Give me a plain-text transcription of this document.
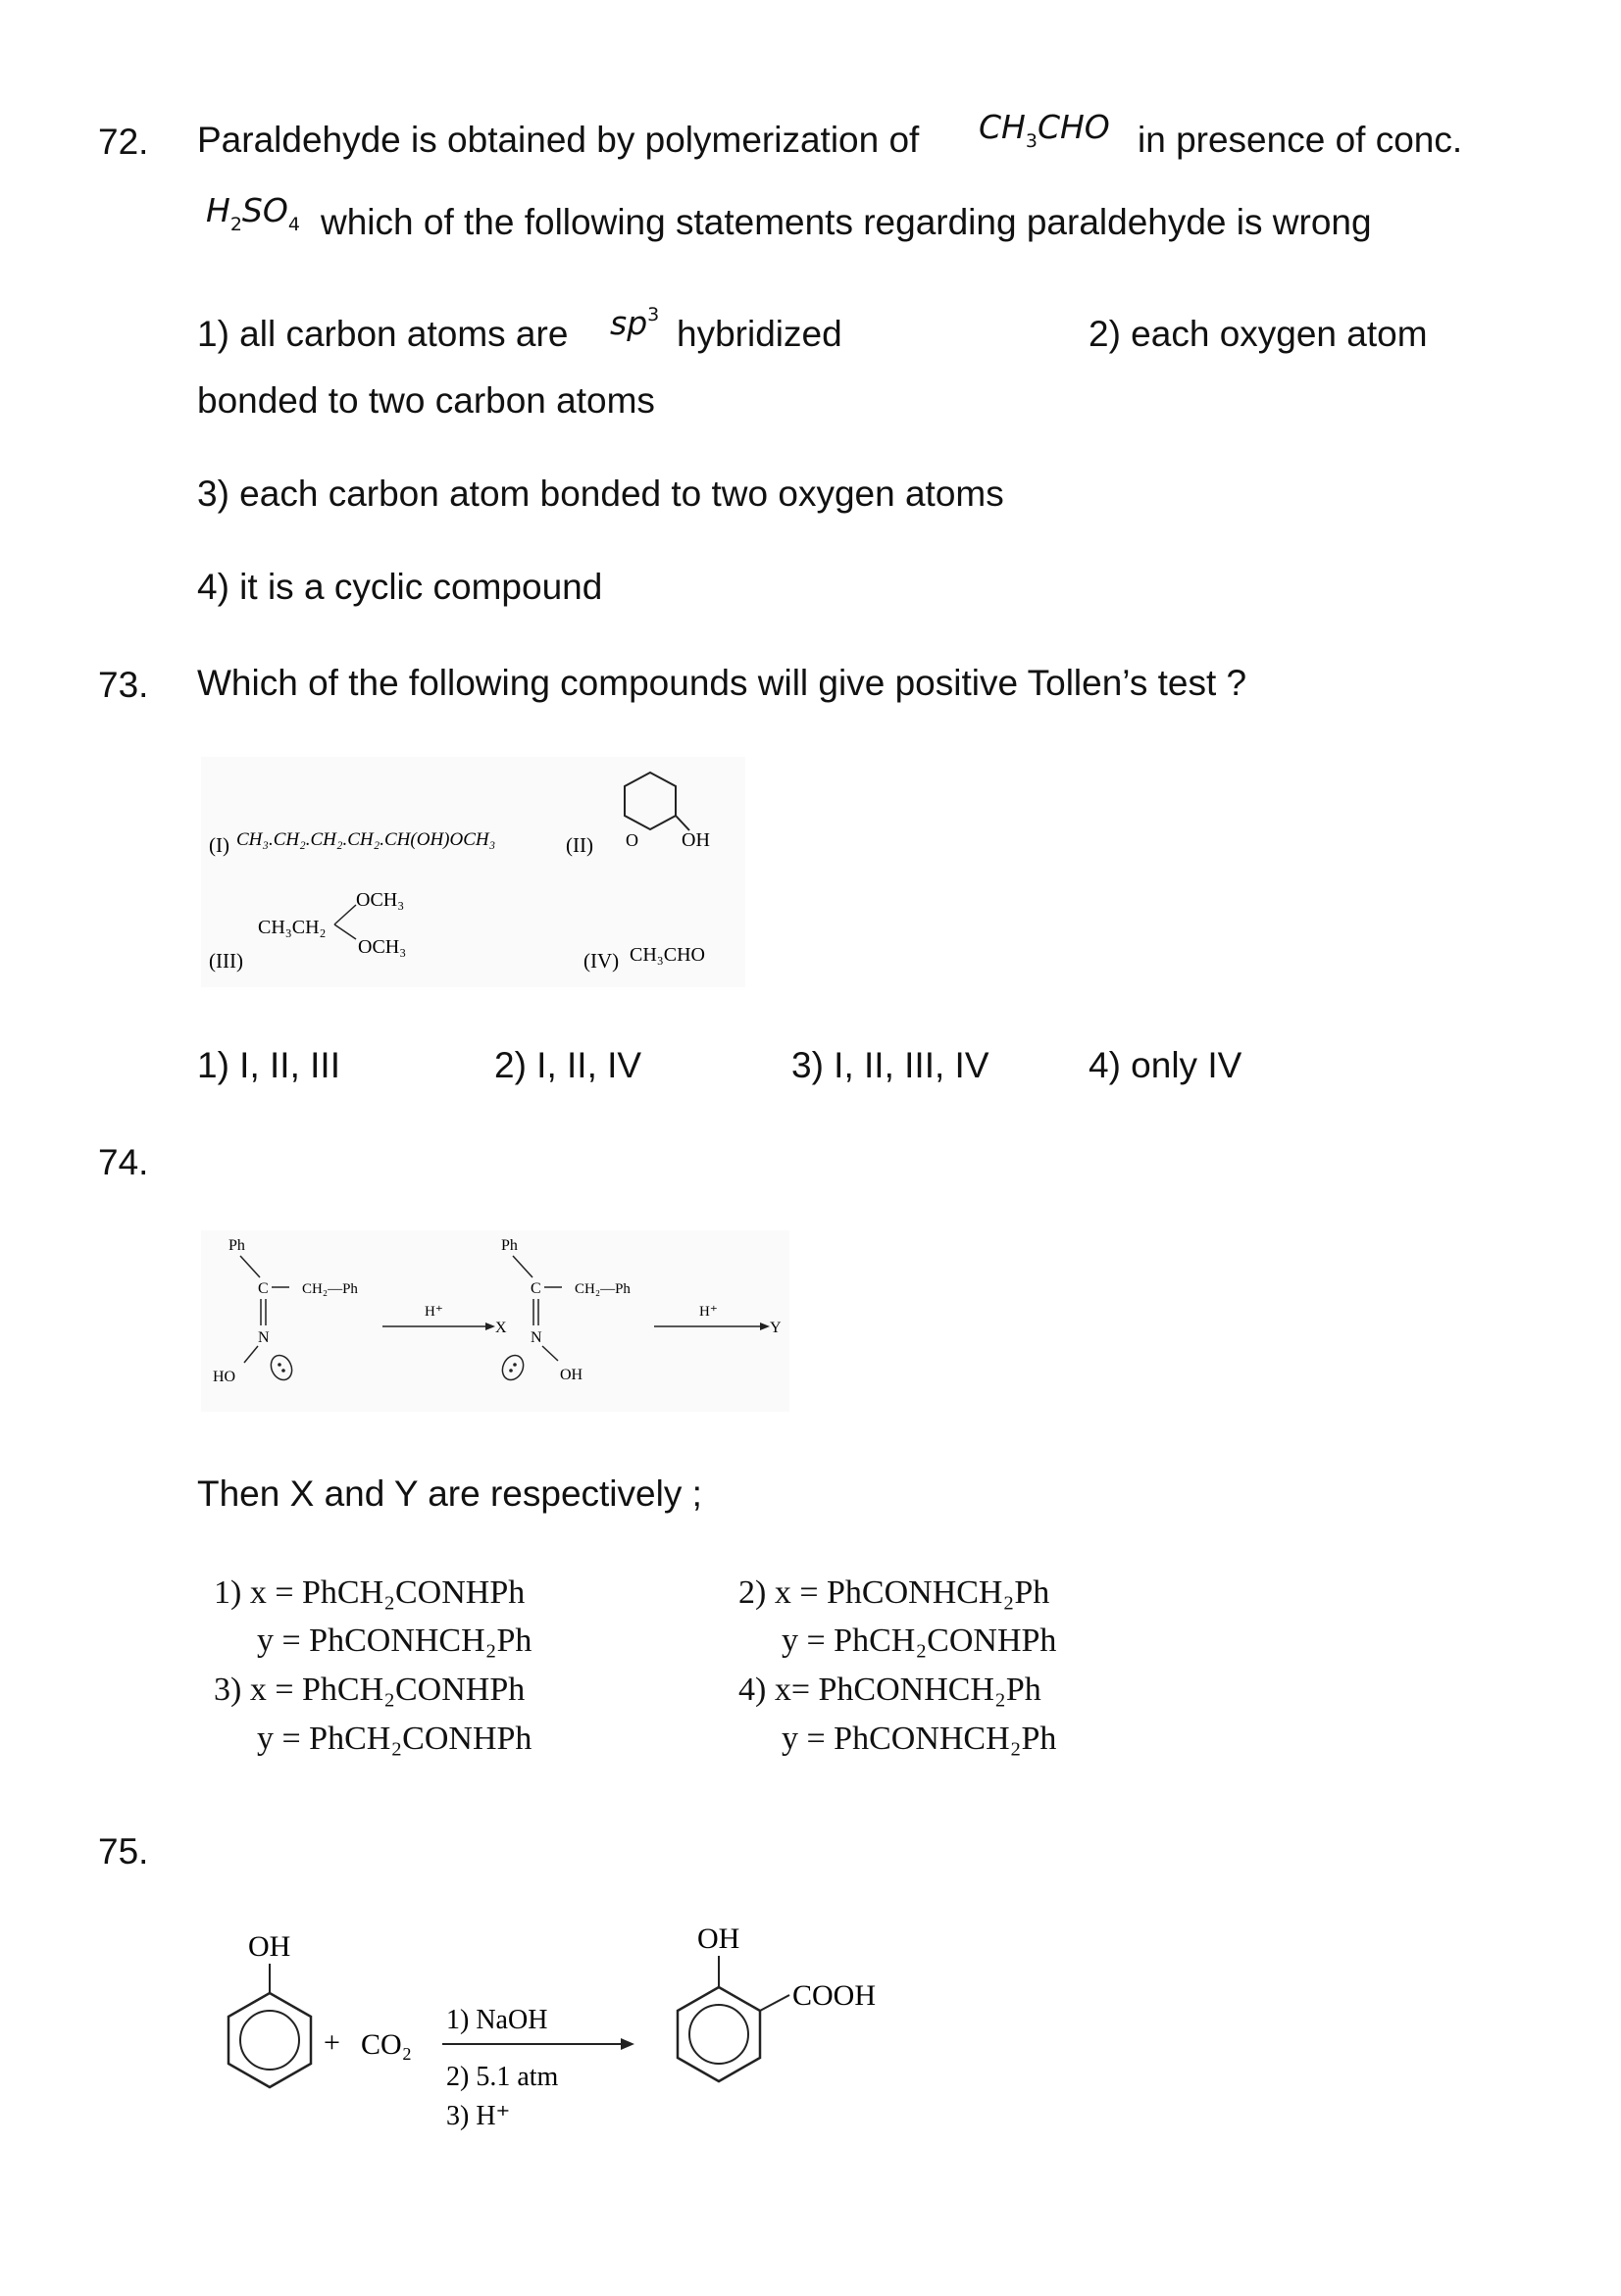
72. Paraldehyde is obtained by polymerization of $CH_3CHO$ in presence of conc.
$H_2SO_4$ which of the following statements regarding paraldehyde is wrong
1) all carbon atoms are $sp^3$ hybridized	2) each oxygen atom
bonded to two carbon atoms
3) each carbon atom bonded to two oxygen atoms
4) it is a cyclic compound
73. Which of the following compounds will give positive Tollen’s test ?
(I) CH₃.CH₂.CH₂.CH₂.CH(OH)OCH₃	(II) O OH
CH₃CH₂
OCH₃
OCH₃
(III)	(IV) CH₃CHO
1) I, II, III	2) I, II, IV	3) I, II, III, IV	4) only IV
74.
Ph
C CH₂—Ph
N
HO
H⁺
X
Ph
C CH₂—Ph
N
OH
H⁺
Y
Then X and Y are respectively ;
1) x = PhCH₂CONHPh
y = PhCONHCH₂Ph
3) x = PhCH₂CONHPh
y = PhCH₂CONHPh
2) x = PhCONHCH₂Ph
y = PhCH₂CONHPh
4) x= PhCONHCH₂Ph
y = PhCONHCH₂Ph
75.
OH
+ CO₂
1) NaOH
2) 5.1 atm
3) H⁺
OH
COOH
